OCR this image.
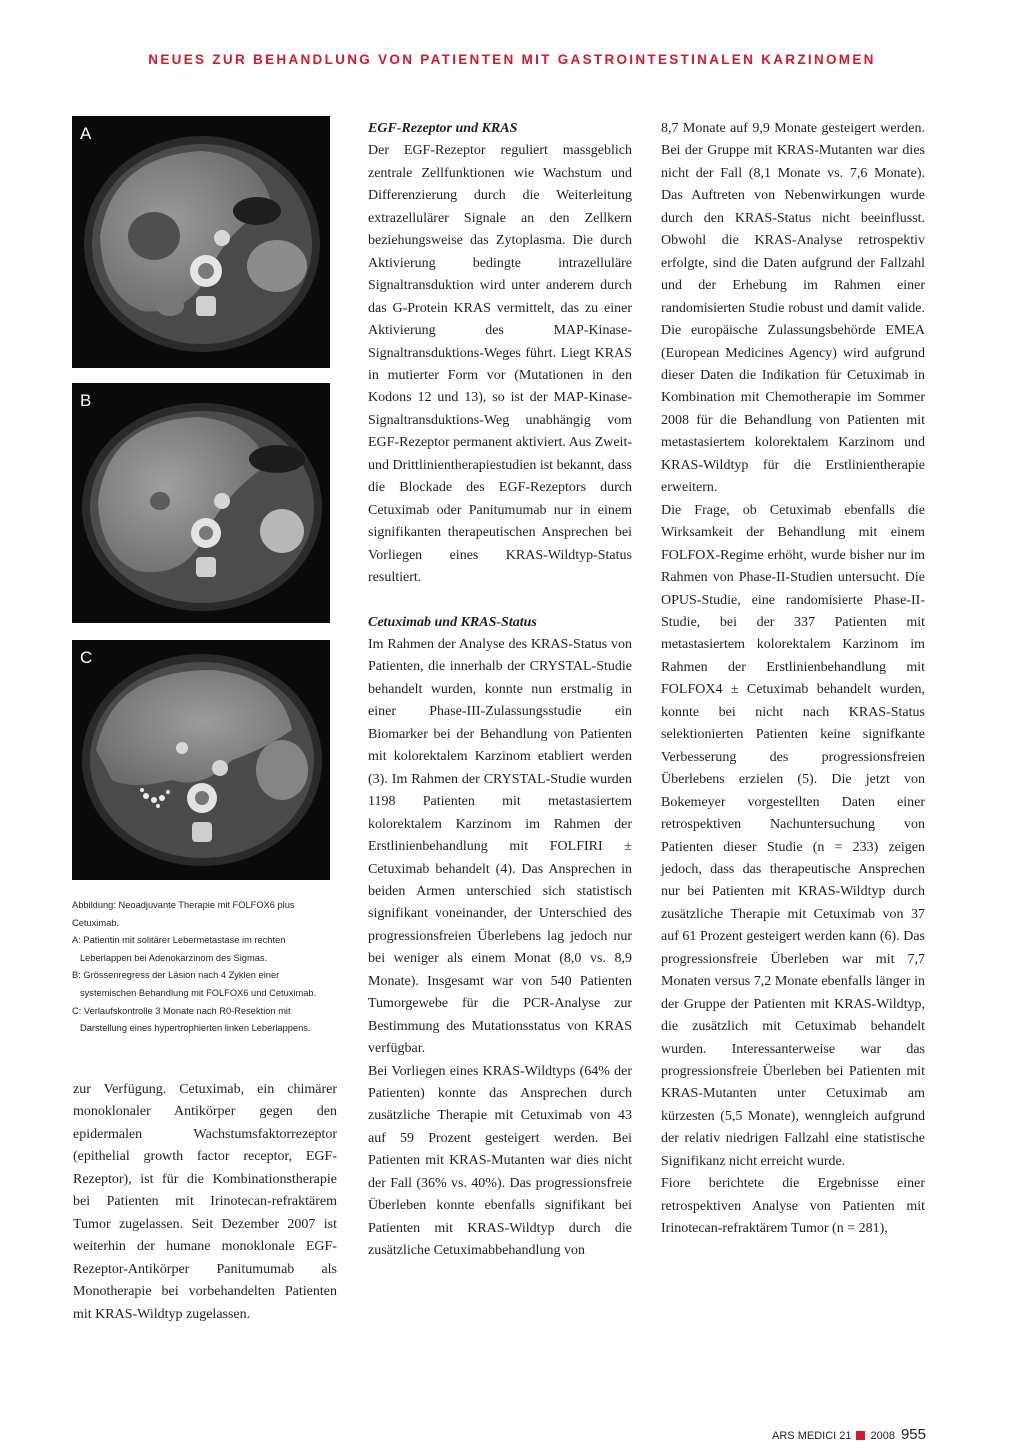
NEUES ZUR BEHANDLUNG VON PATIENTEN MIT GASTROINTESTINALEN KARZINOMEN
A
B
C

Abbildung: Neoadjuvante Therapie mit FOLFOX6 plus Cetuximab.

A: Patientin mit solitärer Lebermetastase im rechten Leberlappen bei Adenokarzinom des Sigmas.

B: Grössenregress der Läsion nach 4 Zyklen einer systemischen Behandlung mit FOLFOX6 und Cetuximab.

C: Verlaufskontrolle 3 Monate nach R0-Resektion mit Darstellung eines hypertrophierten linken Leberlappens.

zur Verfügung. Cetuximab, ein chimärer monoklonaler Antikörper gegen den epidermalen Wachstumsfaktorrezeptor (epithelial growth factor receptor, EGF-Rezeptor), ist für die Kombinationstherapie bei Patienten mit Irinotecan-refraktärem Tumor zugelassen. Seit Dezember 2007 ist weiterhin der humane monoklonale EGF-Rezeptor-Antikörper Panitumumab als Monotherapie bei vorbehandelten Patienten mit KRAS-Wildtyp zugelassen.

EGF-Rezeptor und KRAS

Der EGF-Rezeptor reguliert massgeblich zentrale Zellfunktionen wie Wachstum und Differenzierung durch die Weiterleitung extrazellulärer Signale an den Zellkern beziehungsweise das Zytoplasma. Die durch Aktivierung bedingte intrazelluläre Signaltransduktion wird unter anderem durch das G-Protein KRAS vermittelt, das zu einer Aktivierung des MAP-Kinase-Signaltransduktions-Weges führt. Liegt KRAS in mutierter Form vor (Mutationen in den Kodons 12 und 13), so ist der MAP-Kinase-Signaltransduktions-Weg unabhängig vom EGF-Rezeptor permanent aktiviert. Aus Zweit- und Drittlinientherapiestudien ist bekannt, dass die Blockade des EGF-Rezeptors durch Cetuximab oder Panitumumab nur in einem signifikanten therapeutischen Ansprechen bei Vorliegen eines KRAS-Wildtyp-Status resultiert.

Cetuximab und KRAS-Status

Im Rahmen der Analyse des KRAS-Status von Patienten, die innerhalb der CRYSTAL-Studie behandelt wurden, konnte nun erstmalig in einer Phase-III-Zulassungsstudie ein Biomarker bei der Behandlung von Patienten mit kolorektalem Karzinom etabliert werden (3). Im Rahmen der CRYSTAL-Studie wurden 1198 Patienten mit metastasiertem kolorektalem Karzinom im Rahmen der Erstlinienbehandlung mit FOLFIRI ± Cetuximab behandelt (4). Das Ansprechen in beiden Armen unterschied sich statistisch signifikant voneinander, der Unterschied des progressionsfreien Überlebens lag jedoch nur bei weniger als einem Monat (8,0 vs. 8,9 Monate). Insgesamt war von 540 Patienten Tumorgewebe für die PCR-Analyse zur Bestimmung des Mutationsstatus von KRAS verfügbar.

Bei Vorliegen eines KRAS-Wildtyps (64% der Patienten) konnte das Ansprechen durch zusätzliche Therapie mit Cetuximab von 43 auf 59 Prozent gesteigert werden. Bei Patienten mit KRAS-Mutanten war dies nicht der Fall (36% vs. 40%). Das progressionsfreie Überleben konnte ebenfalls signifikant bei Patienten mit KRAS-Wildtyp durch die zusätzliche Cetuximabbehandlung von

8,7 Monate auf 9,9 Monate gesteigert werden. Bei der Gruppe mit KRAS-Mutanten war dies nicht der Fall (8,1 Monate vs. 7,6 Monate). Das Auftreten von Nebenwirkungen wurde durch den KRAS-Status nicht beeinflusst. Obwohl die KRAS-Analyse retrospektiv erfolgte, sind die Daten aufgrund der Fallzahl und der Erhebung im Rahmen einer randomisierten Studie robust und damit valide. Die europäische Zulassungsbehörde EMEA (European Medicines Agency) wird aufgrund dieser Daten die Indikation für Cetuximab in Kombination mit Chemotherapie im Sommer 2008 für die Behandlung von Patienten mit metastasiertem kolorektalem Karzinom und KRAS-Wildtyp für die Erstlinientherapie erweitern.

Die Frage, ob Cetuximab ebenfalls die Wirksamkeit der Behandlung mit einem FOLFOX-Regime erhöht, wurde bisher nur im Rahmen von Phase-II-Studien untersucht. Die OPUS-Studie, eine randomisierte Phase-II-Studie, bei der 337 Patienten mit metastasiertem kolorektalem Karzinom im Rahmen der Erstlinienbehandlung mit FOLFOX4 ± Cetuximab behandelt wurden, konnte bei nicht nach KRAS-Status selektionierten Patienten keine signifkante Verbesserung des progressionsfreien Überlebens erzielen (5). Die jetzt von Bokemeyer vorgestellten Daten einer retrospektiven Nachuntersuchung von Patienten dieser Studie (n = 233) zeigen jedoch, dass das therapeutische Ansprechen nur bei Patienten mit KRAS-Wildtyp durch zusätzliche Therapie mit Cetuximab von 37 auf 61 Prozent gesteigert werden kann (6). Das progressionsfreie Überleben war mit 7,7 Monaten versus 7,2 Monate ebenfalls länger in der Gruppe der Patienten mit KRAS-Wildtyp, die zusätzlich mit Cetuximab behandelt wurden. Interessanterweise war das progressionsfreie Überleben bei Patienten mit KRAS-Mutanten unter Cetuximab am kürzesten (5,5 Monate), wenngleich aufgrund der relativ niedrigen Fallzahl eine statistische Signifikanz nicht erreicht wurde.

Fiore berichtete die Ergebnisse einer retrospektiven Analyse von Patienten mit Irinotecan-refraktärem Tumor (n = 281),

ARS MEDICI 21 2008 955
